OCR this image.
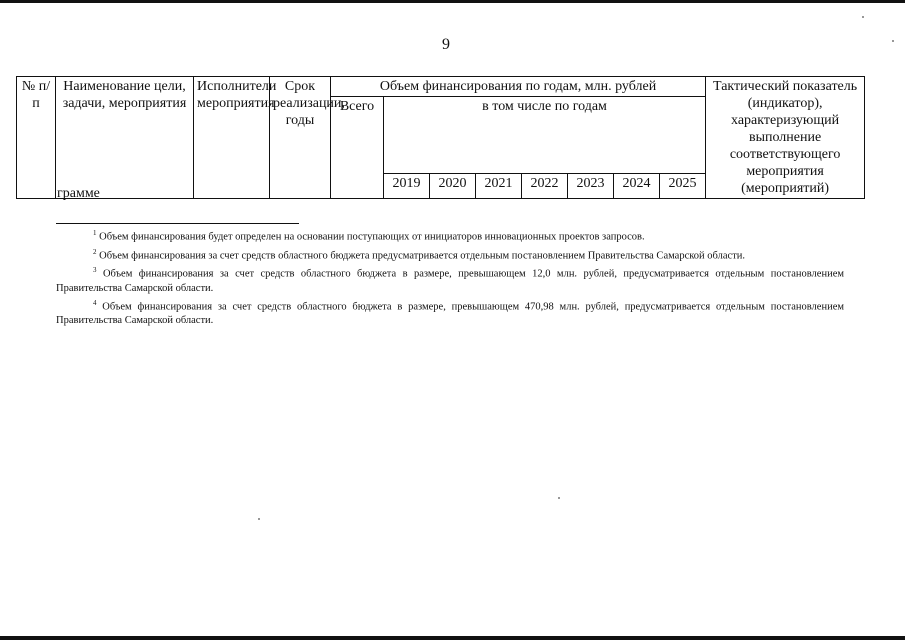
9
№ п/п	Наименование цели, задачи, мероприятия	Исполнители мероприятия	Срок реализации, годы	Объем финансирования по годам, млн. рублей								Тактический показатель (индикатор), характеризующий выполнение соответствующего мероприятия (мероприятий)
				Всего	в том числе по годам							
					2019	2020	2021	2022	2023	2024	2025	
грамме

$^1$ Объем финансирования будет определен на основании поступающих от инициаторов инновационных проектов запросов.

$^2$ Объем финансирования за счет средств областного бюджета предусматривается отдельным постановлением Правительства Самарской области.

$^3$ Объем финансирования за счет средств областного бюджета в размере, превышающем 12,0 млн. рублей, предусматривается отдельным постановлением Правительства Самарской области.

$^4$ Объем финансирования за счет средств областного бюджета в размере, превышающем 470,98 млн. рублей, предусматривается отдельным постановлением Правительства Самарской области.
